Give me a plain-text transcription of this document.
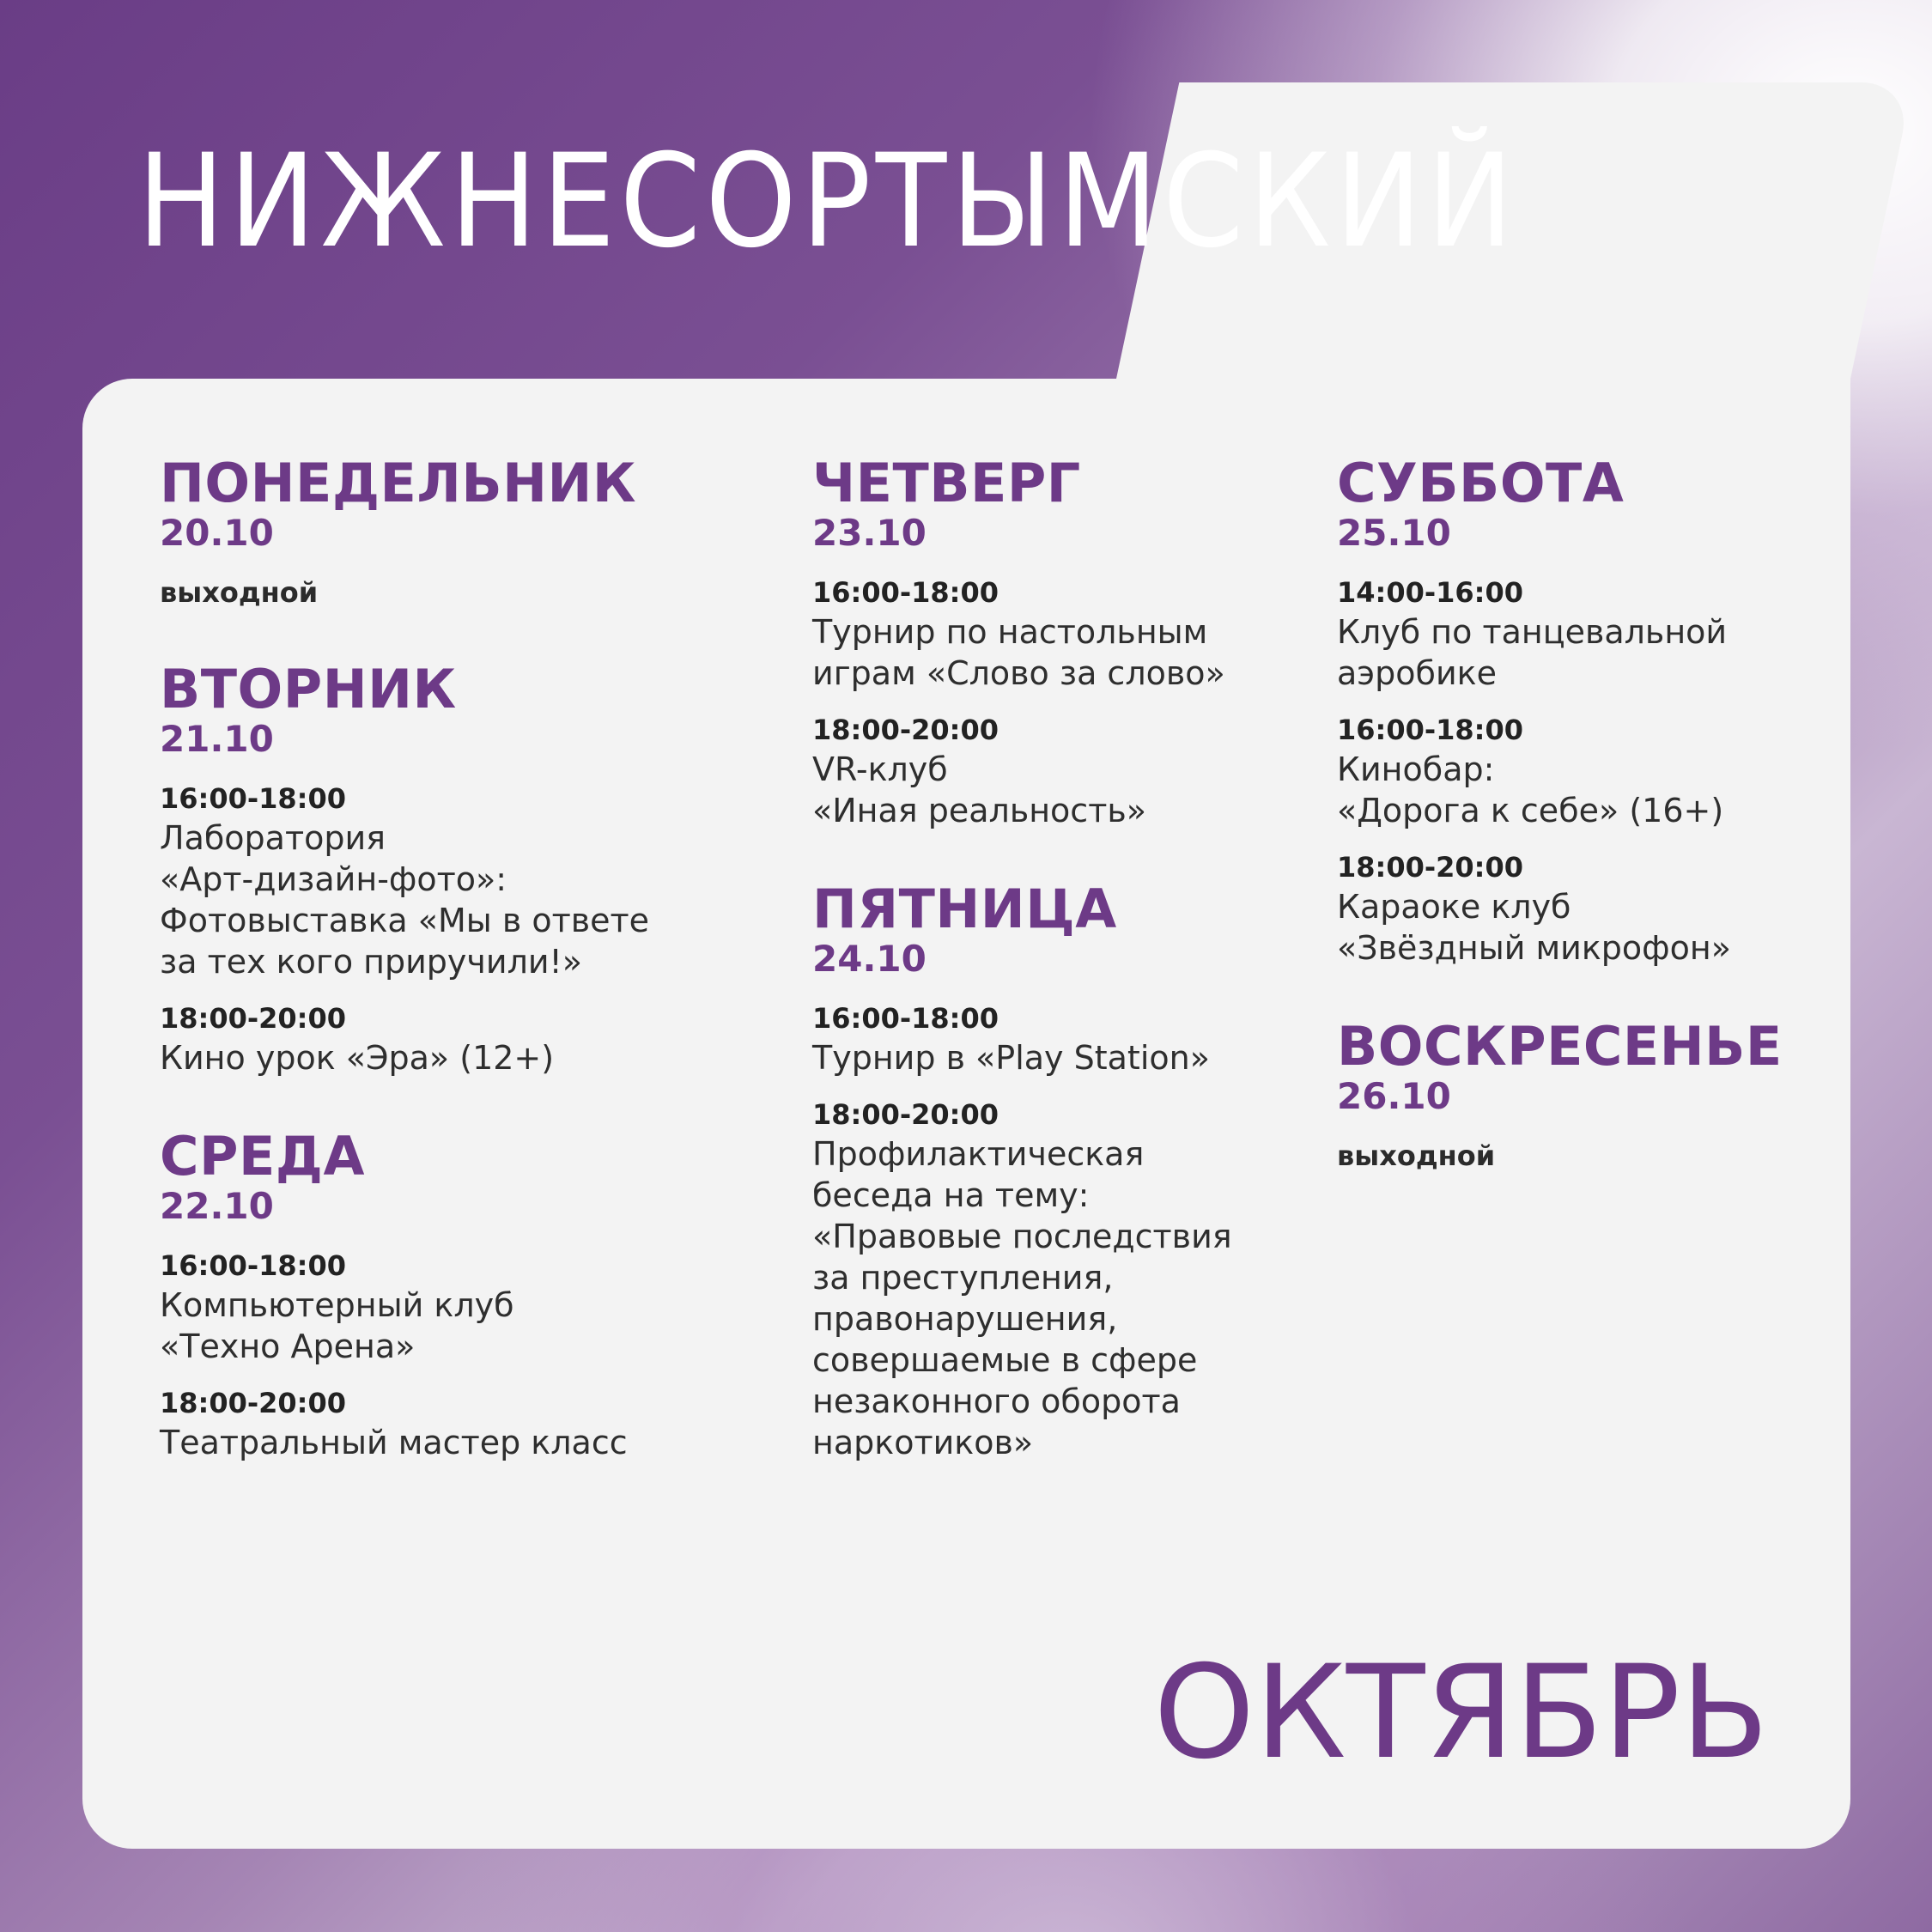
НИЖНЕСОРТЫМСКИЙ
ПОНЕДЕЛЬНИК
20.10
выходной
ВТОРНИК
21.10
16:00-18:00
Лаборатория
«Арт-дизайн-фото»:
Фотовыставка «Мы в ответе
за тех кого приручили!»
18:00-20:00
Кино урок «Эра» (12+)
СРЕДА
22.10
16:00-18:00
Компьютерный клуб
«Техно Арена»
18:00-20:00
Театральный мастер класс
ЧЕТВЕРГ
23.10
16:00-18:00
Турнир по настольным
играм «Слово за слово»
18:00-20:00
VR-клуб
«Иная реальность»
ПЯТНИЦА
24.10
16:00-18:00
Турнир в «Play Station»
18:00-20:00
Профилактическая
беседа на тему:
«Правовые последствия
за преступления,
правонарушения,
совершаемые в сфере
незаконного оборота
наркотиков»
СУББОТА
25.10
14:00-16:00
Клуб по танцевальной
аэробике
16:00-18:00
Кинобар:
«Дорога к себе» (16+)
18:00-20:00
Караоке клуб
«Звёздный микрофон»
ВОСКРЕСЕНЬЕ
26.10
выходной
ОКТЯБРЬ
